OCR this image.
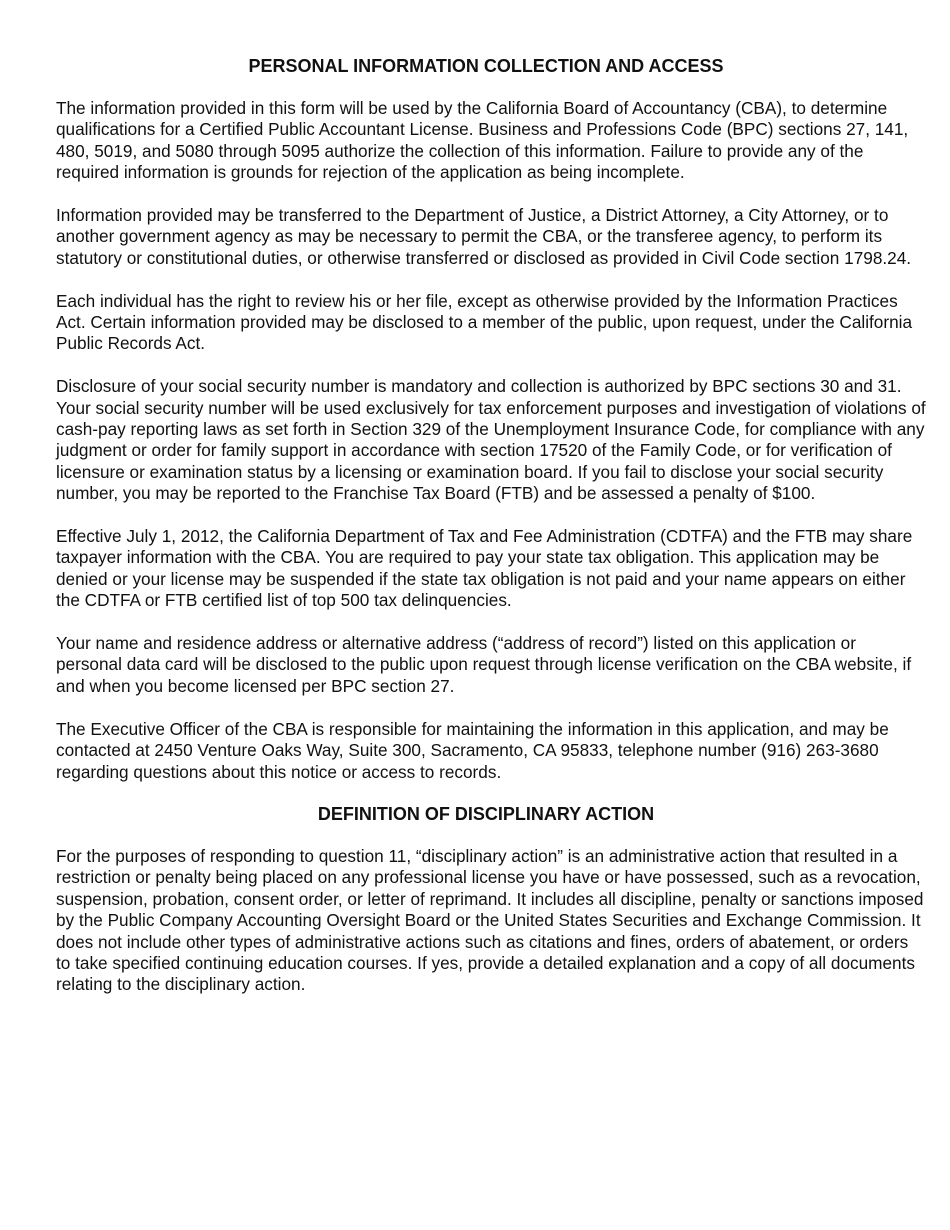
PERSONAL INFORMATION COLLECTION AND ACCESS

The information provided in this form will be used by the California Board of Accountancy (CBA), to determine qualifications for a Certified Public Accountant License. Business and Professions Code (BPC) sections 27, 141, 480, 5019, and 5080 through 5095 authorize the collection of this information. Failure to provide any of the required information is grounds for rejection of the application as being incomplete.

Information provided may be transferred to the Department of Justice, a District Attorney, a City Attorney, or to another government agency as may be necessary to permit the CBA, or the transferee agency, to perform its statutory or constitutional duties, or otherwise transferred or disclosed as provided in Civil Code section 1798.24.

Each individual has the right to review his or her file, except as otherwise provided by the Information Practices Act. Certain information provided may be disclosed to a member of the public, upon request, under the California Public Records Act.

Disclosure of your social security number is mandatory and collection is authorized by BPC sections 30 and 31. Your social security number will be used exclusively for tax enforcement purposes and investigation of violations of cash-pay reporting laws as set forth in Section 329 of the Unemployment Insurance Code, for compliance with any judgment or order for family support in accordance with section 17520 of the Family Code, or for verification of licensure or examination status by a licensing or examination board. If you fail to disclose your social security number, you may be reported to the Franchise Tax Board (FTB) and be assessed a penalty of $100.

Effective July 1, 2012, the California Department of Tax and Fee Administration (CDTFA) and the FTB may share taxpayer information with the CBA. You are required to pay your state tax obligation. This application may be denied or your license may be suspended if the state tax obligation is not paid and your name appears on either the CDTFA or FTB certified list of top 500 tax delinquencies.

Your name and residence address or alternative address (“address of record”) listed on this application or personal data card will be disclosed to the public upon request through license verification on the CBA website, if and when you become licensed per BPC section 27.

The Executive Officer of the CBA is responsible for maintaining the information in this application, and may be contacted at 2450 Venture Oaks Way, Suite 300, Sacramento, CA 95833, telephone number (916) 263-3680 regarding questions about this notice or access to records.

DEFINITION OF DISCIPLINARY ACTION

For the purposes of responding to question 11, “disciplinary action” is an administrative action that resulted in a restriction or penalty being placed on any professional license you have or have possessed, such as a revocation, suspension, probation, consent order, or letter of reprimand. It includes all discipline, penalty or sanctions imposed by the Public Company Accounting Oversight Board or the United States Securities and Exchange Commission. It does not include other types of administrative actions such as citations and fines, orders of abatement, or orders to take specified continuing education courses. If yes, provide a detailed explanation and a copy of all documents relating to the disciplinary action.
